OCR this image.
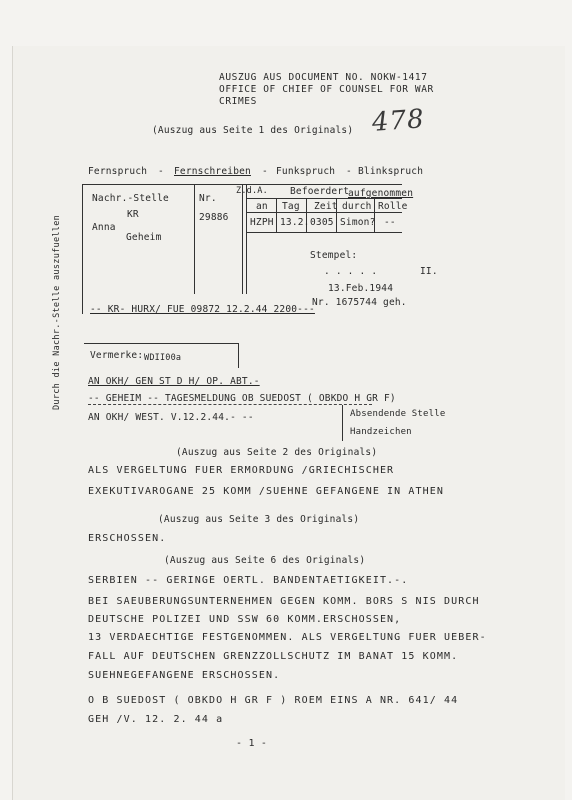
AUSZUG AUS DOCUMENT NO. NOKW-1417
OFFICE OF CHIEF OF COUNSEL FOR WAR
CRIMES
478
(Auszug aus Seite 1 des Originals)
Fernspruch - Fernschreiben - Funkspruch - Blinkspruch
Nachr.-Stelle
KR
Anna
Geheim
Nr.
29886
Z.d.A. Befoerdert
aufgenommen
an Tag Zeit durch Rolle
HZPH 13.2. 0305 Simon? --
Stempel:
. . . . .	II.
13.Feb.1944
Nr. 1675744 geh.
-- KR- HURX/ FUE 09872 12.2.44 2200---
Vermerke: WDII00a
Durch die Nachr.-Stelle auszufuellen	AN OKH/ GEN ST D H/ OP. ABT.-
-- GEHEIM -- TAGESMELDUNG OB SUEDOST ( OBKDO H GR F)
AN OKH/ WEST. V.12.2.44.- --	Absendende Stelle
Handzeichen
(Auszug aus Seite 2 des Originals)
ALS VERGELTUNG FUER ERMORDUNG /GRIECHISCHER
EXEKUTIVAROGANE 25 KOMM /SUEHNE GEFANGENE IN ATHEN
(Auszug aus Seite 3 des Originals)
ERSCHOSSEN.
(Auszug aus Seite 6 des Originals)
SERBIEN -- GERINGE OERTL. BANDENTAETIGKEIT.-.
BEI SAEUBERUNGSUNTERNEHMEN GEGEN KOMM. BORS S NIS DURCH
DEUTSCHE POLIZEI UND SSW 60 KOMM.ERSCHOSSEN,
13 VERDAECHTIGE FESTGENOMMEN. ALS VERGELTUNG FUER UEBER-
FALL AUF DEUTSCHEN GRENZZOLLSCHUTZ IM BANAT 15 KOMM.
SUEHNEGEFANGENE ERSCHOSSEN.
O B SUEDOST ( OBKDO H GR F ) ROEM EINS A NR. 641/ 44
GEH /V. 12. 2. 44 a
- 1 -
